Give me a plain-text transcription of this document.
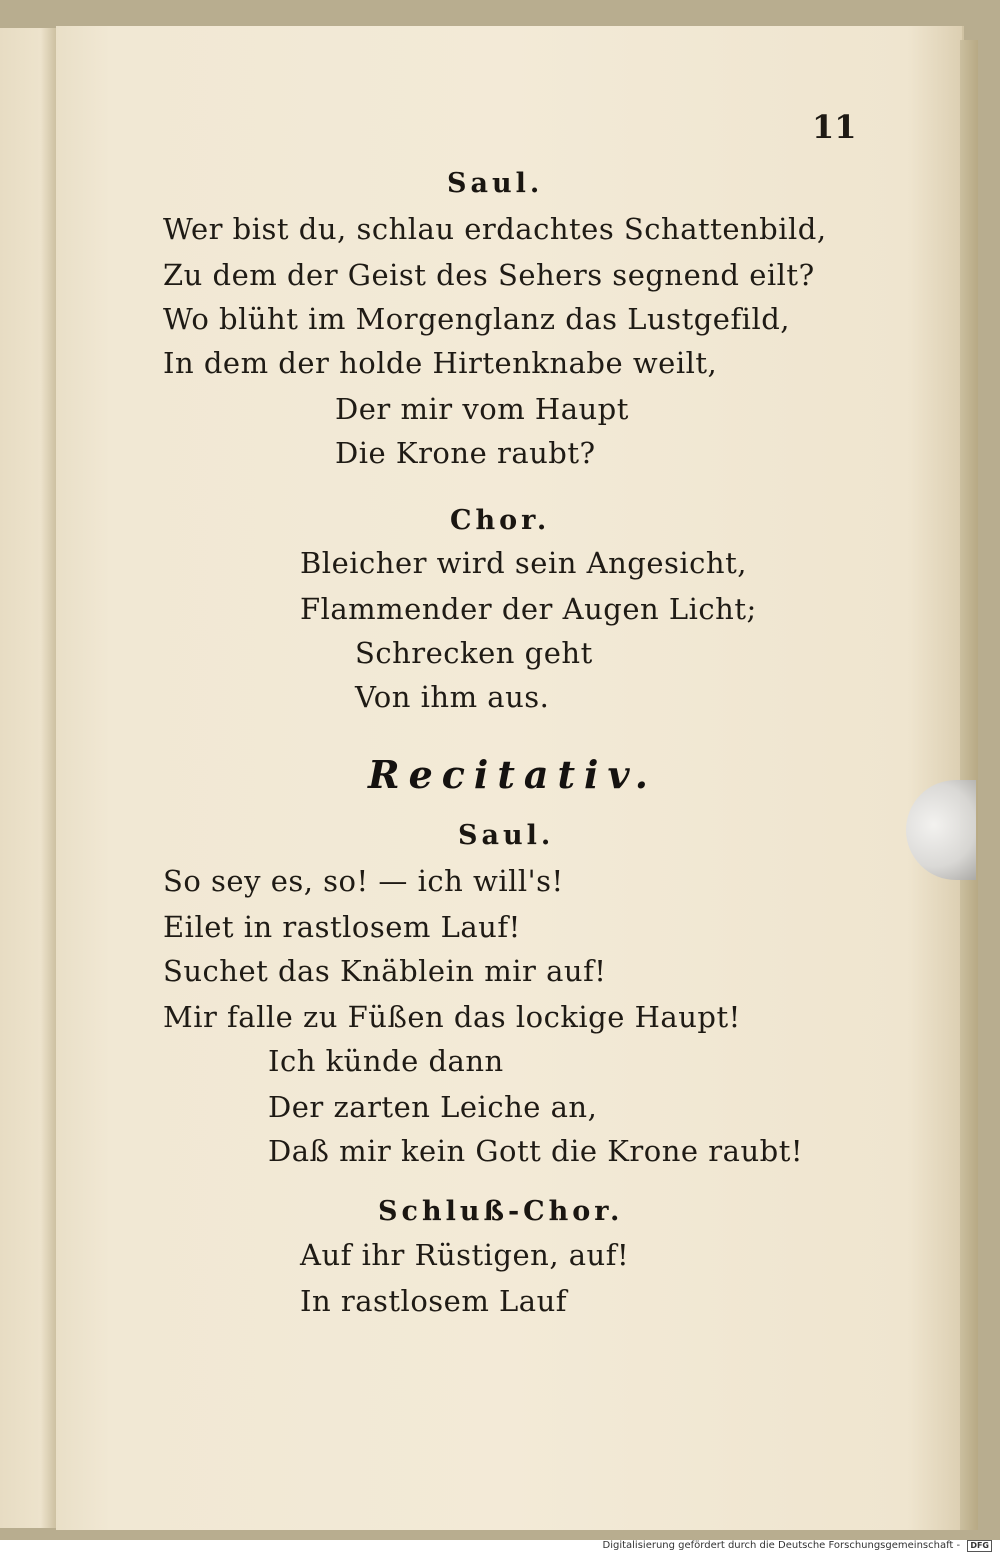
11
Saul.
Wer bist du, schlau erdachtes Schattenbild,
Zu dem der Geist des Sehers segnend eilt?
Wo blüht im Morgenglanz das Lustgefild,
In dem der holde Hirtenknabe weilt,
Der mir vom Haupt
Die Krone raubt?
Chor.
Bleicher wird sein Angesicht,
Flammender der Augen Licht;
Schrecken geht
Von ihm aus.
Recitativ.
Saul.
So sey es, so! — ich will's!
Eilet in rastlosem Lauf!
Suchet das Knäblein mir auf!
Mir falle zu Füßen das lockige Haupt!
Ich künde dann
Der zarten Leiche an,
Daß mir kein Gott die Krone raubt!
Schluß-Chor.
Auf ihr Rüstigen, auf!
In rastlosem Lauf
Digitalisierung gefördert durch die Deutsche Forschungsgemeinschaft - DFG
